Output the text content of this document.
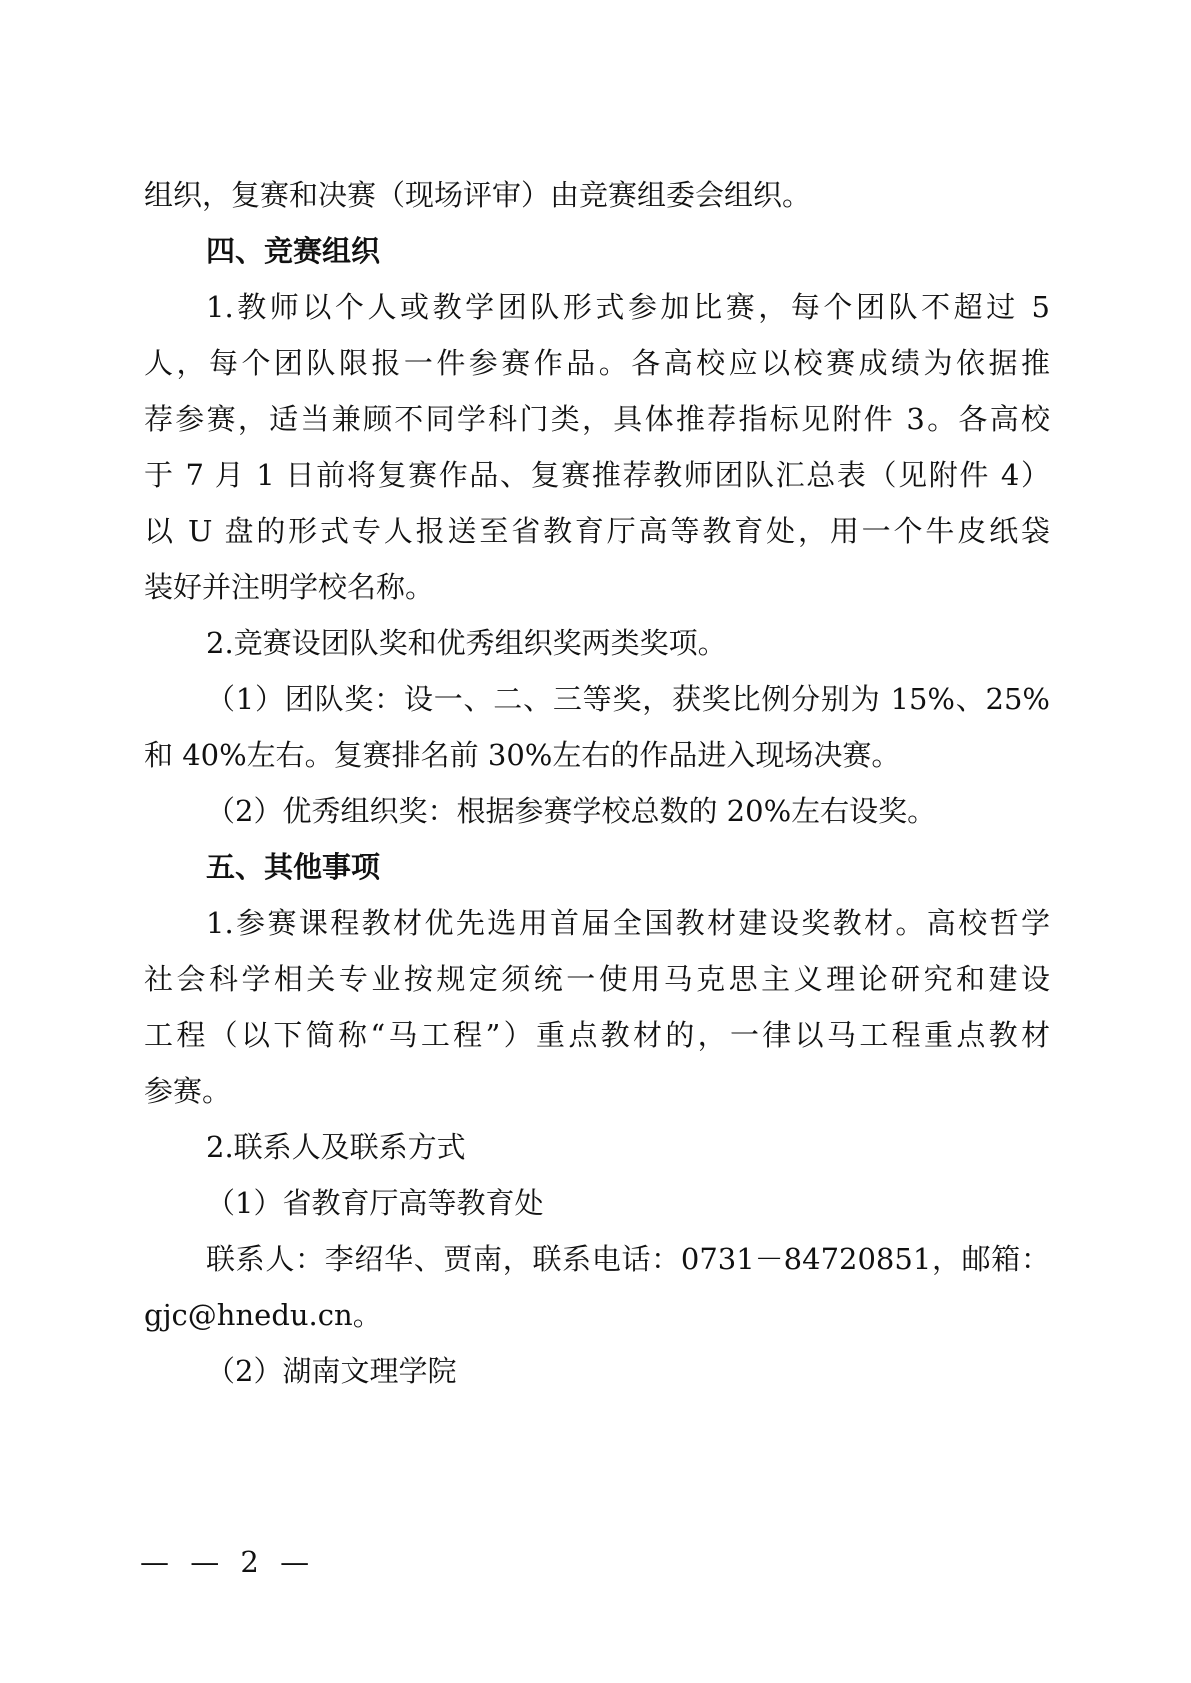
组织，复赛和决赛（现场评审）由竞赛组委会组织。
四、竞赛组织
1.教师以个人或教学团队形式参加比赛，每个团队不超过 5
人，每个团队限报一件参赛作品。各高校应以校赛成绩为依据推
荐参赛，适当兼顾不同学科门类，具体推荐指标见附件 3。各高校
于 7 月 1 日前将复赛作品、复赛推荐教师团队汇总表（见附件 4）
以 U 盘的形式专人报送至省教育厅高等教育处，用一个牛皮纸袋
装好并注明学校名称。
2.竞赛设团队奖和优秀组织奖两类奖项。
（1）团队奖：设一、二、三等奖，获奖比例分别为 15%、25%
和 40%左右。复赛排名前 30%左右的作品进入现场决赛。
（2）优秀组织奖：根据参赛学校总数的 20%左右设奖。
五、其他事项
1.参赛课程教材优先选用首届全国教材建设奖教材。高校哲学
社会科学相关专业按规定须统一使用马克思主义理论研究和建设
工程（以下简称“马工程”）重点教材的，一律以马工程重点教材
参赛。
2.联系人及联系方式
（1）省教育厅高等教育处
联系人：李绍华、贾南，联系电话：0731－84720851，邮箱：
gjc@hnedu.cn。
（2）湖南文理学院
— — 2 —
